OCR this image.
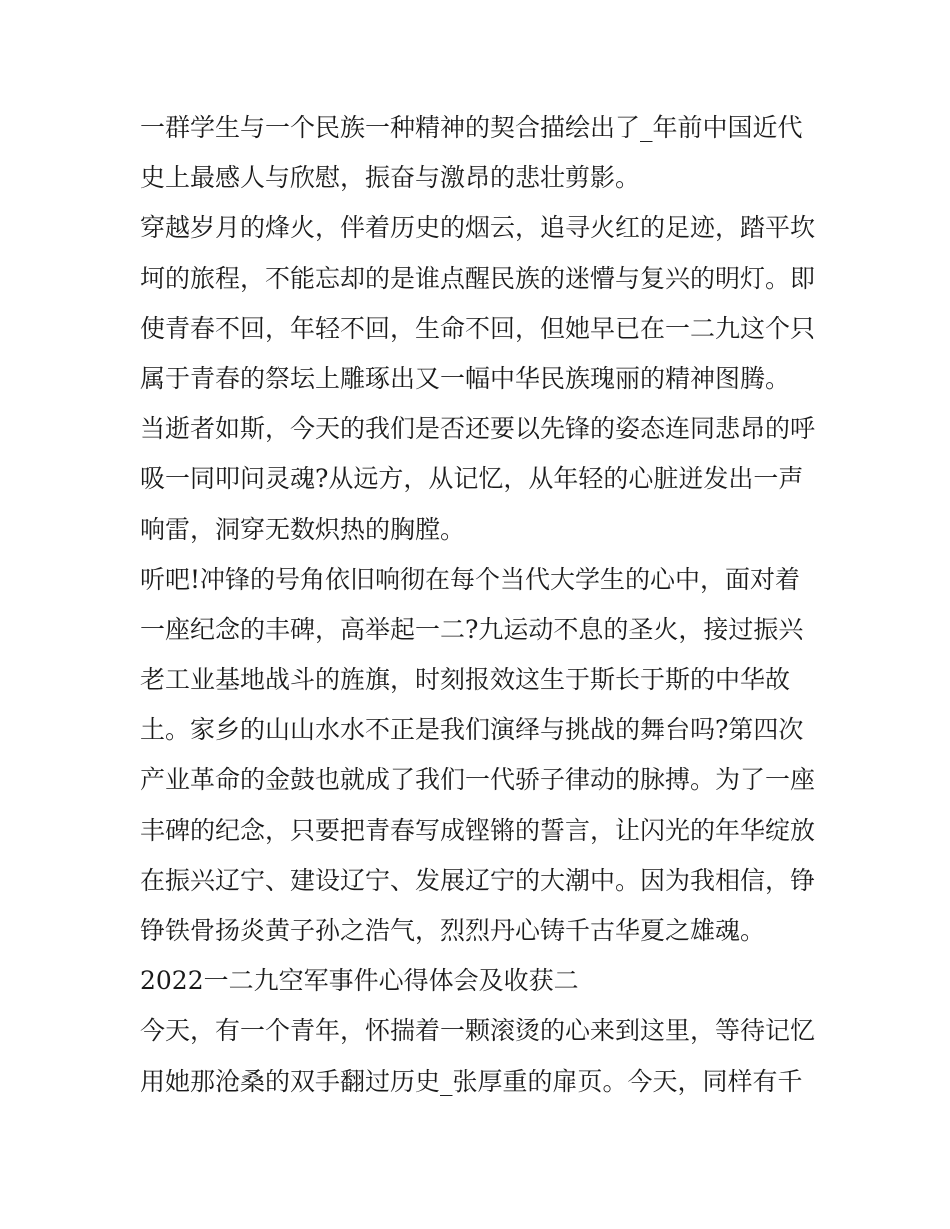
一群学生与一个民族一种精神的契合描绘出了_年前中国近代
史上最感人与欣慰，振奋与激昂的悲壮剪影。
穿越岁月的烽火，伴着历史的烟云，追寻火红的足迹，踏平坎
坷的旅程，不能忘却的是谁点醒民族的迷懵与复兴的明灯。即
使青春不回，年轻不回，生命不回，但她早已在一二九这个只
属于青春的祭坛上雕琢出又一幅中华民族瑰丽的精神图腾。
当逝者如斯，今天的我们是否还要以先锋的姿态连同悲昂的呼
吸一同叩问灵魂?从远方，从记忆，从年轻的心脏迸发出一声
响雷，洞穿无数炽热的胸膛。
听吧!冲锋的号角依旧响彻在每个当代大学生的心中，面对着
一座纪念的丰碑，高举起一二?九运动不息的圣火，接过振兴
老工业基地战斗的旌旗，时刻报效这生于斯长于斯的中华故
土。家乡的山山水水不正是我们演绎与挑战的舞台吗?第四次
产业革命的金鼓也就成了我们一代骄子律动的脉搏。为了一座
丰碑的纪念，只要把青春写成铿锵的誓言，让闪光的年华绽放
在振兴辽宁、建设辽宁、发展辽宁的大潮中。因为我相信，铮
铮铁骨扬炎黄子孙之浩气，烈烈丹心铸千古华夏之雄魂。
2022一二九空军事件心得体会及收获二
今天，有一个青年，怀揣着一颗滚烫的心来到这里，等待记忆
用她那沧桑的双手翻过历史_张厚重的扉页。今天，同样有千
